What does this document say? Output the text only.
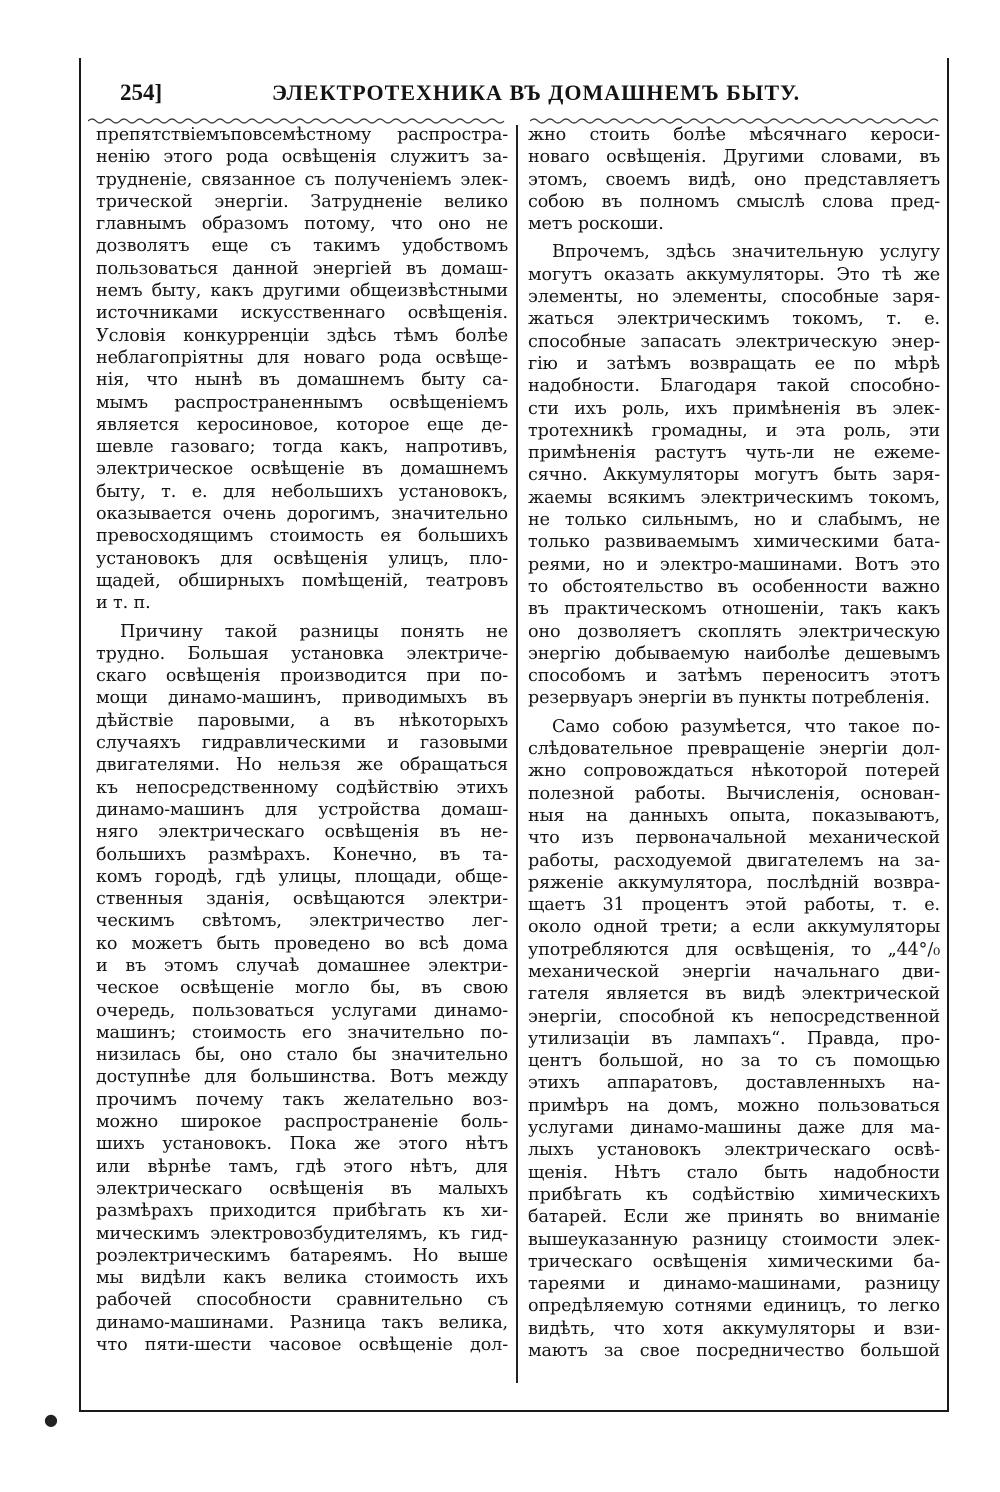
254]	ЭЛЕКТРОТЕХНИКА ВЪ ДОМАШНЕМЪ БЫТУ.
препятствіемъповсемѣстному распростра-
ненію этого рода освѣщенія служитъ за-
трудненіе, связанное съ полученіемъ элек-
трической энергіи. Затрудненіе велико
главнымъ образомъ потому, что оно не
дозволятъ еще съ такимъ удобствомъ
пользоваться данной энергіей въ домаш-
немъ быту, какъ другими общеизвѣстными
источниками искусственнаго освѣщенія.
Условія конкурренціи здѣсь тѣмъ болѣе
неблагопріятны для новаго рода освѣще-
нія, что нынѣ въ домашнемъ быту са-
мымъ распространеннымъ освѣщеніемъ
является керосиновое, которое еще де-
шевле газоваго; тогда какъ, напротивъ,
электрическое освѣщеніе въ домашнемъ
быту, т. е. для небольшихъ установокъ,
оказывается очень дорогимъ, значительно
превосходящимъ стоимость ея большихъ
установокъ для освѣщенія улицъ, пло-
щадей, обширныхъ помѣщеній, театровъ
и т. п.
Причину такой разницы понять не
трудно. Большая установка электриче-
скаго освѣщенія производится при по-
мощи динамо-машинъ, приводимыхъ въ
дѣйствіе паровыми, а въ нѣкоторыхъ
случаяхъ гидравлическими и газовыми
двигателями. Но нельзя же обращаться
къ непосредственному содѣйствію этихъ
динамо-машинъ для устройства домаш-
няго электрическаго освѣщенія въ не-
большихъ размѣрахъ. Конечно, въ та-
комъ городѣ, гдѣ улицы, площади, обще-
ственныя зданія, освѣщаются электри-
ческимъ свѣтомъ, электричество лег-
ко можетъ быть проведено во всѣ дома
и въ этомъ случаѣ домашнее электри-
ческое освѣщеніе могло бы, въ свою
очередь, пользоваться услугами динамо-
машинъ; стоимость его значительно по-
низилась бы, оно стало бы значительно
доступнѣе для большинства. Вотъ между
прочимъ почему такъ желательно воз-
можно широкое распространеніе боль-
шихъ установокъ. Пока же этого нѣтъ
или вѣрнѣе тамъ, гдѣ этого нѣтъ, для
электрическаго освѣщенія въ малыхъ
размѣрахъ приходится прибѣгать къ хи-
мическимъ электровозбудителямъ, къ гид-
роэлектрическимъ батареямъ. Но выше
мы видѣли какъ велика стоимость ихъ
рабочей способности сравнительно съ
динамо-машинами. Разница такъ велика,
что пяти-шести часовое освѣщеніе дол-
жно стоить болѣе мѣсячнаго кероси-
новаго освѣщенія. Другими словами, въ
этомъ, своемъ видѣ, оно представляетъ
собою въ полномъ смыслѣ слова пред-
метъ роскоши.
Впрочемъ, здѣсь значительную услугу
могутъ оказать аккумуляторы. Это тѣ же
элементы, но элементы, способные заря-
жаться электрическимъ токомъ, т. е.
способные запасать электрическую энер-
гію и затѣмъ возвращать ее по мѣрѣ
надобности. Благодаря такой способно-
сти ихъ роль, ихъ примѣненія въ элек-
тротехникѣ громадны, и эта роль, эти
примѣненія растутъ чуть-ли не ежеме-
сячно. Аккумуляторы могутъ быть заря-
жаемы всякимъ электрическимъ токомъ,
не только сильнымъ, но и слабымъ, не
только развиваемымъ химическими бата-
реями, но и электро-машинами. Вотъ это
то обстоятельство въ особенности важно
въ практическомъ отношеніи, такъ какъ
оно дозволяетъ скоплять электрическую
энергію добываемую наиболѣе дешевымъ
способомъ и затѣмъ переноситъ этотъ
резервуаръ энергіи въ пункты потребленія.
Само собою разумѣется, что такое по-
слѣдовательное превращеніе энергіи дол-
жно сопровождаться нѣкоторой потерей
полезной работы. Вычисленія, основан-
ныя на данныхъ опыта, показываютъ,
что изъ первоначальной механической
работы, расходуемой двигателемъ на за-
ряженіе аккумулятора, послѣдній возвра-
щаетъ 31 процентъ этой работы, т. е.
около одной трети; а если аккумуляторы
употребляются для освѣщенія, то „44°/₀
механической энергіи начальнаго дви-
гателя является въ видѣ электрической
энергіи, способной къ непосредственной
утилизаціи въ лампахъ“. Правда, про-
центъ большой, но за то съ помощью
этихъ аппаратовъ, доставленныхъ на-
примѣръ на домъ, можно пользоваться
услугами динамо-машины даже для ма-
лыхъ установокъ электрическаго освѣ-
щенія. Нѣтъ стало быть надобности
прибѣгать къ содѣйствію химическихъ
батарей. Если же принять во вниманіе
вышеуказанную разницу стоимости элек-
трическаго освѣщенія химическими ба-
тареями и динамо-машинами, разницу
опредѣляемую сотнями единицъ, то легко
видѣть, что хотя аккумуляторы и взи-
маютъ за свое посредничество большой
●
